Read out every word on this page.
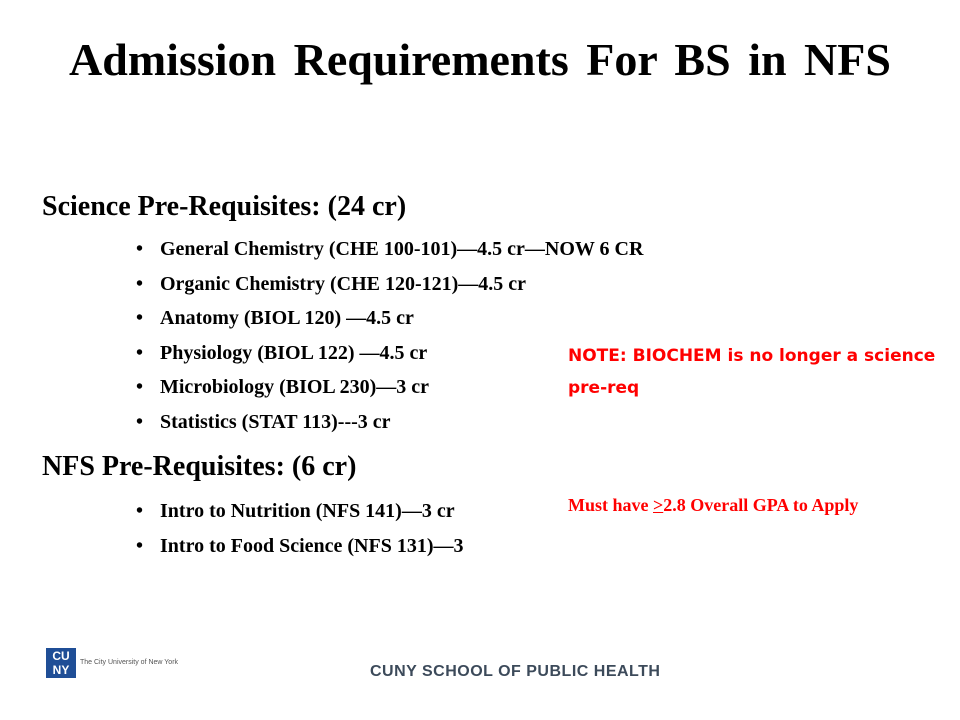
Admission Requirements For BS in NFS
Science Pre-Requisites: (24 cr)
• General Chemistry (CHE 100-101)—4.5 cr—NOW 6 CR
• Organic Chemistry (CHE 120-121)—4.5 cr
• Anatomy (BIOL 120) —4.5 cr
• Physiology (BIOL 122) —4.5 cr
• Microbiology (BIOL 230)—3 cr
• Statistics (STAT 113)---3 cr
NFS Pre-Requisites: (6 cr)
• Intro to Nutrition (NFS 141)—3 cr
• Intro to Food Science (NFS 131)—3
NOTE: BIOCHEM is no longer a science pre-req
Must have >2.8 Overall GPA to Apply
CU NY
The City University of New York
CUNY SCHOOL OF PUBLIC HEALTH
